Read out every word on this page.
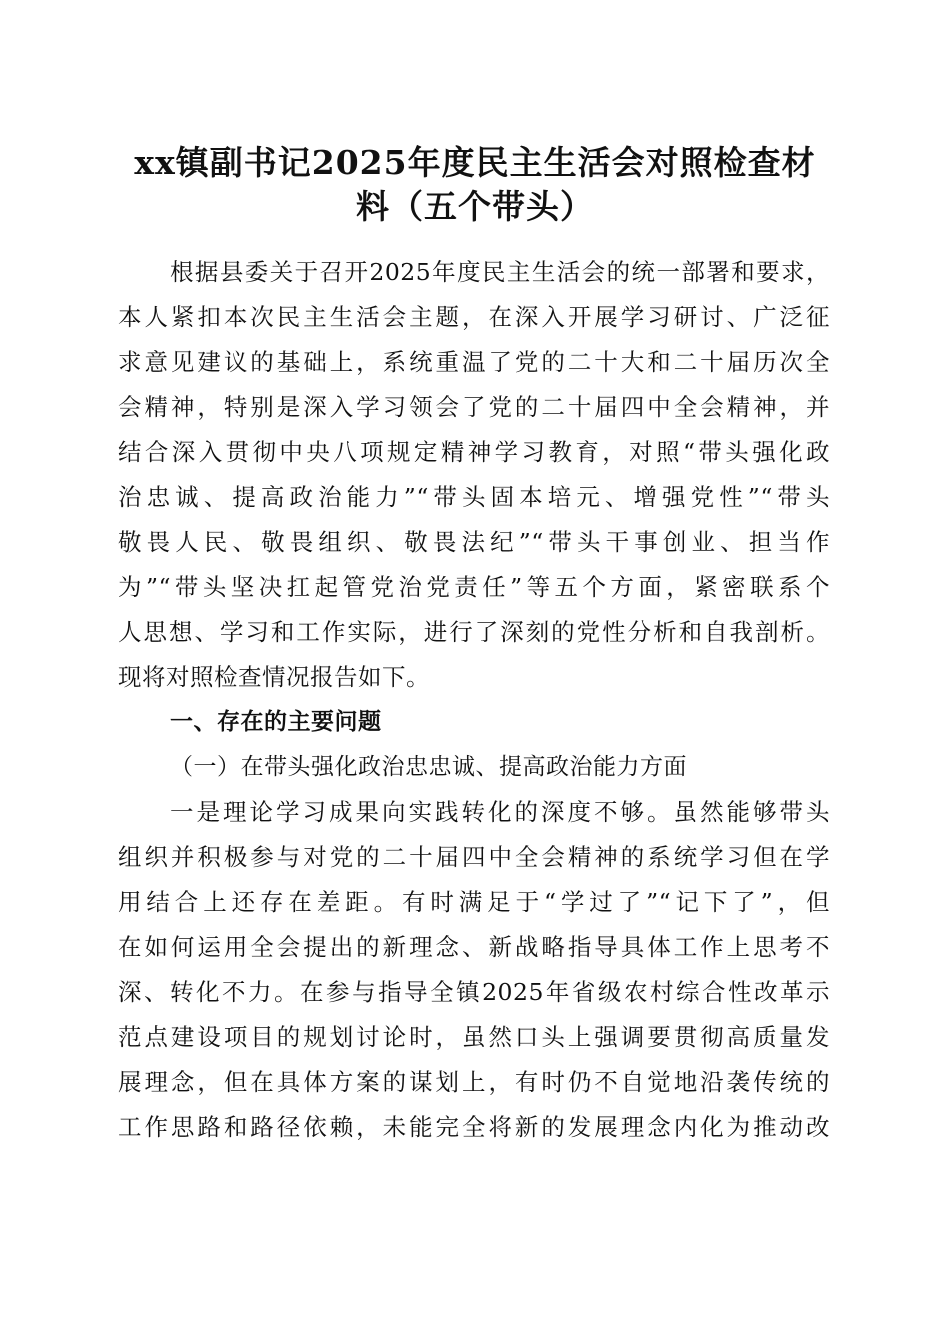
xx镇副书记2025年度民主生活会对照检查材
料（五个带头）
根据县委关于召开2025年度民主生活会的统一部署和要求，
本人紧扣本次民主生活会主题，在深入开展学习研讨、广泛征
求意见建议的基础上，系统重温了党的二十大和二十届历次全
会精神，特别是深入学习领会了党的二十届四中全会精神，并
结合深入贯彻中央八项规定精神学习教育，对照“带头强化政
治忠诚、提高政治能力”“带头固本培元、增强党性”“带头
敬畏人民、敬畏组织、敬畏法纪”“带头干事创业、担当作
为”“带头坚决扛起管党治党责任”等五个方面，紧密联系个
人思想、学习和工作实际，进行了深刻的党性分析和自我剖析。
现将对照检查情况报告如下。
一、存在的主要问题
（一）在带头强化政治忠忠诚、提高政治能力方面
一是理论学习成果向实践转化的深度不够。虽然能够带头
组织并积极参与对党的二十届四中全会精神的系统学习但在学
用结合上还存在差距。有时满足于“学过了”“记下了”，但
在如何运用全会提出的新理念、新战略指导具体工作上思考不
深、转化不力。在参与指导全镇2025年省级农村综合性改革示
范点建设项目的规划讨论时，虽然口头上强调要贯彻高质量发
展理念，但在具体方案的谋划上，有时仍不自觉地沿袭传统的
工作思路和路径依赖，未能完全将新的发展理念内化为推动改
